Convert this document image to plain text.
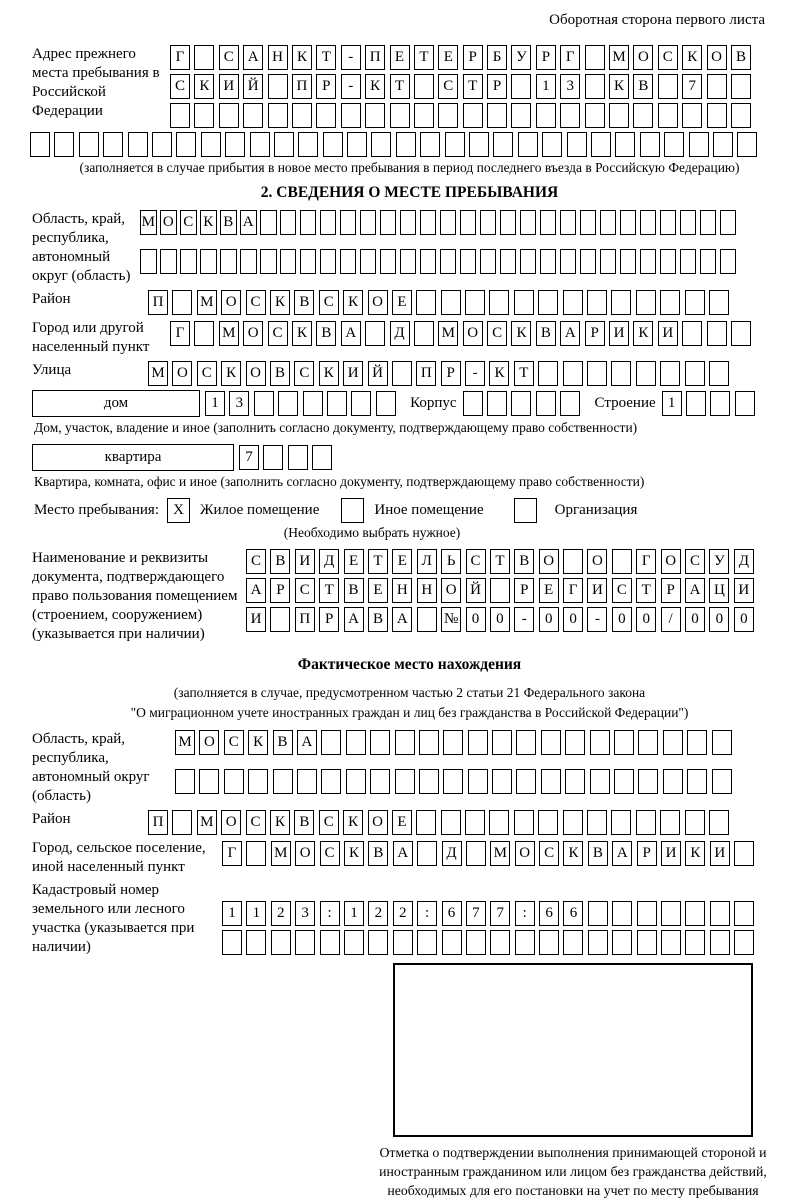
Оборотная сторона первого листа
Адрес прежнего места пребывания в Российской Федерации
Г	С А Н К Т	-	П Е	Т	Е	Р	Б У Р	Г	М О С К О В
С К И Й	П Р	-	К Т	С Т	Р	1	3	К В	7
(заполняется в случае прибытия в новое место пребывания в период последнего въезда в Российскую Федерацию)
2. СВЕДЕНИЯ О МЕСТЕ ПРЕБЫВАНИЯ
Область, край, республика, автономный округ (область)
М О С К В А
Район	П	М О С К В С К О Е
Город или другой населенный пункт
Г	М О С К В А	Д	М О С К В А Р И К И
Улица	М О С К О В С К И Й	П Р	-	К Т
дом	1	3	Корпус	Строение 1
Дом, участок, владение и иное (заполнить согласно документу, подтверждающему право собственности)
квартира	7
Квартира, комната, офис и иное (заполнить согласно документу, подтверждающему право собственности)
Место пребывания: X	Жилое помещение	Иное помещение	Организация
(Необходимо выбрать нужное)
Наименование и реквизиты документа, подтверждающего право пользования помещением (строением, сооружением) (указывается при наличии)
С В И Д Е	Т	Е Л Ь	С Т В О	О	Г О С У Д
А Р	С Т В Е Н Н О Й	Р	Е	Г И С Т	Р А Ц И
И	П Р А В А	№ 0	0	-	0	0	-	0	0	/	0	0	0
Фактическое место нахождения
(заполняется в случае, предусмотренном частью 2 статьи 21 Федерального закона
"О миграционном учете иностранных граждан и лиц без гражданства в Российской Федерации")
Область, край, республика, автономный округ (область)
М О С К В А
Район	П	М О С К В С К О Е
Город, сельское поселение, иной населенный пункт
Г	М О С К В А	Д	М О С К В А Р И К И
Кадастровый номер земельного или лесного участка (указывается при наличии)
1	1	2	3	:	1	2	2	:	6	7	7	:	6	6
Отметка о подтверждении выполнения принимающей стороной и иностранным гражданином или лицом без гражданства действий, необходимых для его постановки на учет по месту пребывания
